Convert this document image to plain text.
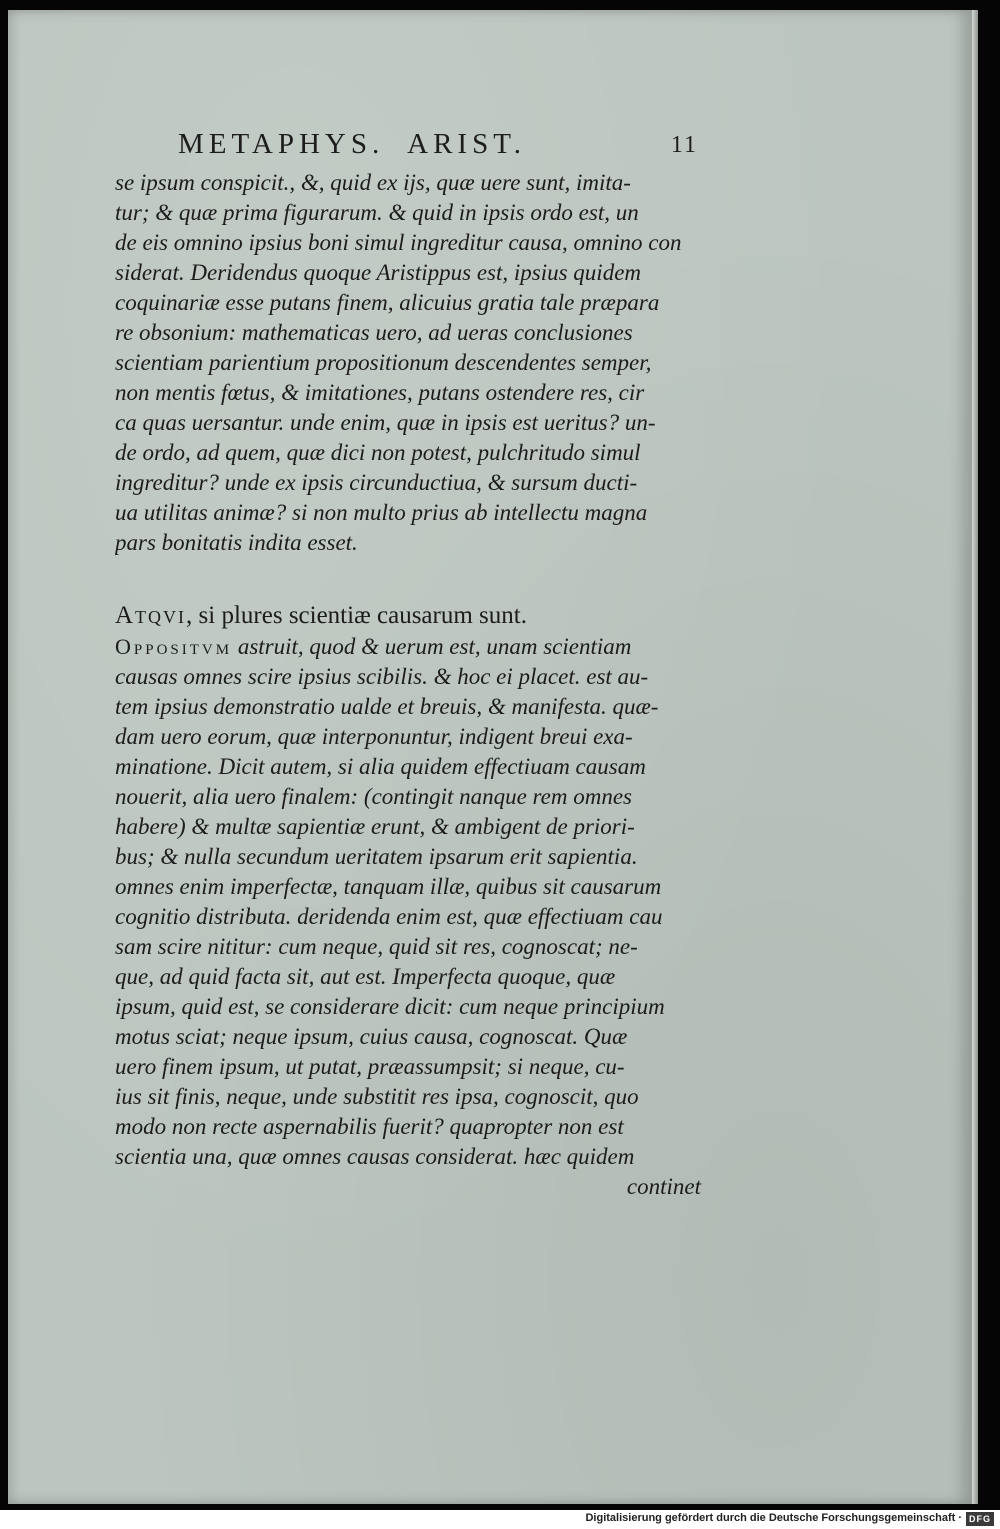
METAPHYS.  ARIST.	11
se ipsum conspicit., &, quid ex ijs, quæ uere sunt, imita-
tur; & quæ prima figurarum. & quid in ipsis ordo est, un
de eis omnino ipsius boni simul ingreditur causa, omnino con
siderat. Deridendus quoque Aristippus est, ipsius quidem
coquinariæ esse putans finem, alicuius gratia tale præpara
re obsonium: mathematicas uero, ad ueras conclusiones
scientiam parientium propositionum descendentes semper,
non mentis fœtus, & imitationes, putans ostendere res, cir
ca quas uersantur. unde enim, quæ in ipsis est ueritus? un-
de ordo, ad quem, quæ dici non potest, pulchritudo simul
ingreditur? unde ex ipsis circunductiua, & sursum ducti-
ua utilitas animæ? si non multo prius ab intellectu magna
pars bonitatis indita esset.
Atqvi, si plures scientiæ causarum sunt.
Oppositvm astruit, quod & uerum est, unam scientiam
causas omnes scire ipsius scibilis. & hoc ei placet. est au-
tem ipsius demonstratio ualde et breuis, & manifesta. quæ-
dam uero eorum, quæ interponuntur, indigent breui exa-
minatione. Dicit autem, si alia quidem effectiuam causam
nouerit, alia uero finalem: (contingit nanque rem omnes
habere) & multæ sapientiæ erunt, & ambigent de priori-
bus; & nulla secundum ueritatem ipsarum erit sapientia.
omnes enim imperfectæ, tanquam illæ, quibus sit causarum
cognitio distributa. deridenda enim est, quæ effectiuam cau
sam scire nititur: cum neque, quid sit res, cognoscat; ne-
que, ad quid facta sit, aut est. Imperfecta quoque, quæ
ipsum, quid est, se considerare dicit: cum neque principium
motus sciat; neque ipsum, cuius causa, cognoscat. Quæ
uero finem ipsum, ut putat, præassumpsit; si neque, cu-
ius sit finis, neque, unde substitit res ipsa, cognoscit, quo
modo non recte aspernabilis fuerit? quapropter non est
scientia una, quæ omnes causas considerat. hæc quidem
continet
Digitalisierung gefördert durch die Deutsche Forschungsgemeinschaft · DFG
